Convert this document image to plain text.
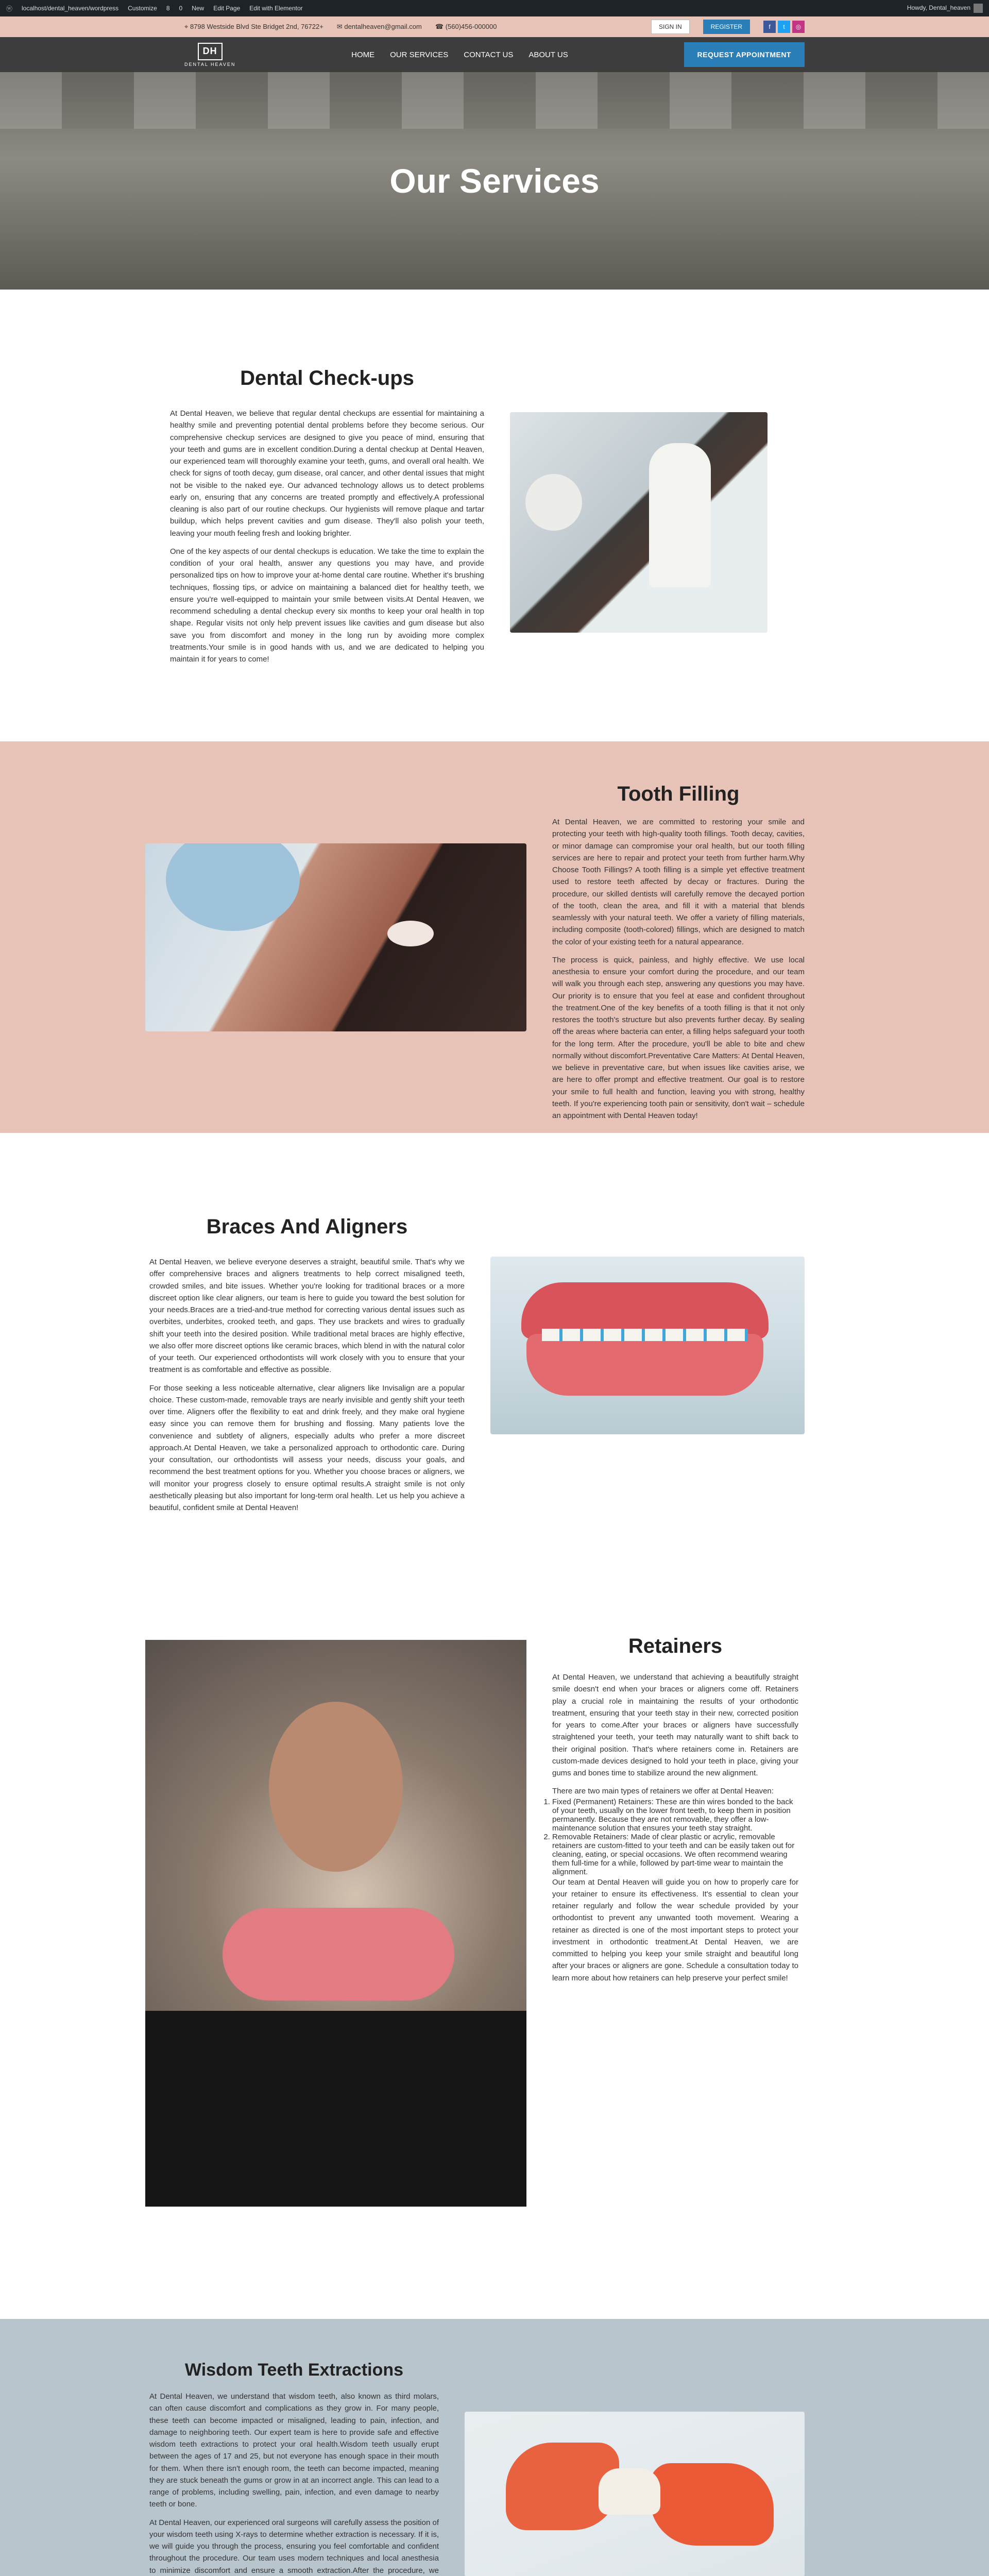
ⓦ localhost/dental_heaven/wordpress Customize 8 0 New Edit Page Edit with Elementor	Howdy, Dental_heaven
⌖ 8798 Westside Blvd Ste Bridget 2nd, 76722+ ✉ dentalheaven@gmail.com ☎ (560)456-000000	SIGN IN	REGISTER	f	t	◎
DH
DENTAL HEAVEN
HOME OUR SERVICES CONTACT US ABOUT US	REQUEST APPOINTMENT
Our Services
Dental Check-ups

At Dental Heaven, we believe that regular dental checkups are essential for maintaining a healthy smile and preventing potential dental problems before they become serious. Our comprehensive checkup services are designed to give you peace of mind, ensuring that your teeth and gums are in excellent condition.During a dental checkup at Dental Heaven, our experienced team will thoroughly examine your teeth, gums, and overall oral health. We check for signs of tooth decay, gum disease, oral cancer, and other dental issues that might not be visible to the naked eye. Our advanced technology allows us to detect problems early on, ensuring that any concerns are treated promptly and effectively.A professional cleaning is also part of our routine checkups. Our hygienists will remove plaque and tartar buildup, which helps prevent cavities and gum disease. They'll also polish your teeth, leaving your mouth feeling fresh and looking brighter.

One of the key aspects of our dental checkups is education. We take the time to explain the condition of your oral health, answer any questions you may have, and provide personalized tips on how to improve your at-home dental care routine. Whether it's brushing techniques, flossing tips, or advice on maintaining a balanced diet for healthy teeth, we ensure you're well-equipped to maintain your smile between visits.At Dental Heaven, we recommend scheduling a dental checkup every six months to keep your oral health in top shape. Regular visits not only help prevent issues like cavities and gum disease but also save you from discomfort and money in the long run by avoiding more complex treatments.Your smile is in good hands with us, and we are dedicated to helping you maintain it for years to come!

Tooth Filling

At Dental Heaven, we are committed to restoring your smile and protecting your teeth with high-quality tooth fillings. Tooth decay, cavities, or minor damage can compromise your oral health, but our tooth filling services are here to repair and protect your teeth from further harm.Why Choose Tooth Fillings? A tooth filling is a simple yet effective treatment used to restore teeth affected by decay or fractures. During the procedure, our skilled dentists will carefully remove the decayed portion of the tooth, clean the area, and fill it with a material that blends seamlessly with your natural teeth. We offer a variety of filling materials, including composite (tooth-colored) fillings, which are designed to match the color of your existing teeth for a natural appearance.

The process is quick, painless, and highly effective. We use local anesthesia to ensure your comfort during the procedure, and our team will walk you through each step, answering any questions you may have. Our priority is to ensure that you feel at ease and confident throughout the treatment.One of the key benefits of a tooth filling is that it not only restores the tooth's structure but also prevents further decay. By sealing off the areas where bacteria can enter, a filling helps safeguard your tooth for the long term. After the procedure, you'll be able to bite and chew normally without discomfort.Preventative Care Matters: At Dental Heaven, we believe in preventative care, but when issues like cavities arise, we are here to offer prompt and effective treatment. Our goal is to restore your smile to full health and function, leaving you with strong, healthy teeth. If you're experiencing tooth pain or sensitivity, don't wait – schedule an appointment with Dental Heaven today!

Braces And Aligners

At Dental Heaven, we believe everyone deserves a straight, beautiful smile. That's why we offer comprehensive braces and aligners treatments to help correct misaligned teeth, crowded smiles, and bite issues. Whether you're looking for traditional braces or a more discreet option like clear aligners, our team is here to guide you toward the best solution for your needs.Braces are a tried-and-true method for correcting various dental issues such as overbites, underbites, crooked teeth, and gaps. They use brackets and wires to gradually shift your teeth into the desired position. While traditional metal braces are highly effective, we also offer more discreet options like ceramic braces, which blend in with the natural color of your teeth. Our experienced orthodontists will work closely with you to ensure that your treatment is as comfortable and effective as possible.

For those seeking a less noticeable alternative, clear aligners like Invisalign are a popular choice. These custom-made, removable trays are nearly invisible and gently shift your teeth over time. Aligners offer the flexibility to eat and drink freely, and they make oral hygiene easy since you can remove them for brushing and flossing. Many patients love the convenience and subtlety of aligners, especially adults who prefer a more discreet approach.At Dental Heaven, we take a personalized approach to orthodontic care. During your consultation, our orthodontists will assess your needs, discuss your goals, and recommend the best treatment options for you. Whether you choose braces or aligners, we will monitor your progress closely to ensure optimal results.A straight smile is not only aesthetically pleasing but also important for long-term oral health. Let us help you achieve a beautiful, confident smile at Dental Heaven!

Retainers

At Dental Heaven, we understand that achieving a beautifully straight smile doesn't end when your braces or aligners come off. Retainers play a crucial role in maintaining the results of your orthodontic treatment, ensuring that your teeth stay in their new, corrected position for years to come.After your braces or aligners have successfully straightened your teeth, your teeth may naturally want to shift back to their original position. That's where retainers come in. Retainers are custom-made devices designed to hold your teeth in place, giving your gums and bones time to stabilize around the new alignment.

There are two main types of retainers we offer at Dental Heaven:

1. Fixed (Permanent) Retainers: These are thin wires bonded to the back of your teeth, usually on the lower front teeth, to keep them in position permanently. Because they are not removable, they offer a low-maintenance solution that ensures your teeth stay straight.
2. Removable Retainers: Made of clear plastic or acrylic, removable retainers are custom-fitted to your teeth and can be easily taken out for cleaning, eating, or special occasions. We often recommend wearing them full-time for a while, followed by part-time wear to maintain the alignment.

Our team at Dental Heaven will guide you on how to properly care for your retainer to ensure its effectiveness. It's essential to clean your retainer regularly and follow the wear schedule provided by your orthodontist to prevent any unwanted tooth movement. Wearing a retainer as directed is one of the most important steps to protect your investment in orthodontic treatment.At Dental Heaven, we are committed to helping you keep your smile straight and beautiful long after your braces or aligners are gone. Schedule a consultation today to learn more about how retainers can help preserve your perfect smile!

Wisdom Teeth Extractions

At Dental Heaven, we understand that wisdom teeth, also known as third molars, can often cause discomfort and complications as they grow in. For many people, these teeth can become impacted or misaligned, leading to pain, infection, and damage to neighboring teeth. Our expert team is here to provide safe and effective wisdom teeth extractions to protect your oral health.Wisdom teeth usually erupt between the ages of 17 and 25, but not everyone has enough space in their mouth for them. When there isn't enough room, the teeth can become impacted, meaning they are stuck beneath the gums or grow in at an incorrect angle. This can lead to a range of problems, including swelling, pain, infection, and even damage to nearby teeth or bone.

At Dental Heaven, our experienced oral surgeons will carefully assess the position of your wisdom teeth using X-rays to determine whether extraction is necessary. If it is, we will guide you through the process, ensuring you feel comfortable and confident throughout the procedure. Our team uses modern techniques and local anesthesia to minimize discomfort and ensure a smooth extraction.After the procedure, we
